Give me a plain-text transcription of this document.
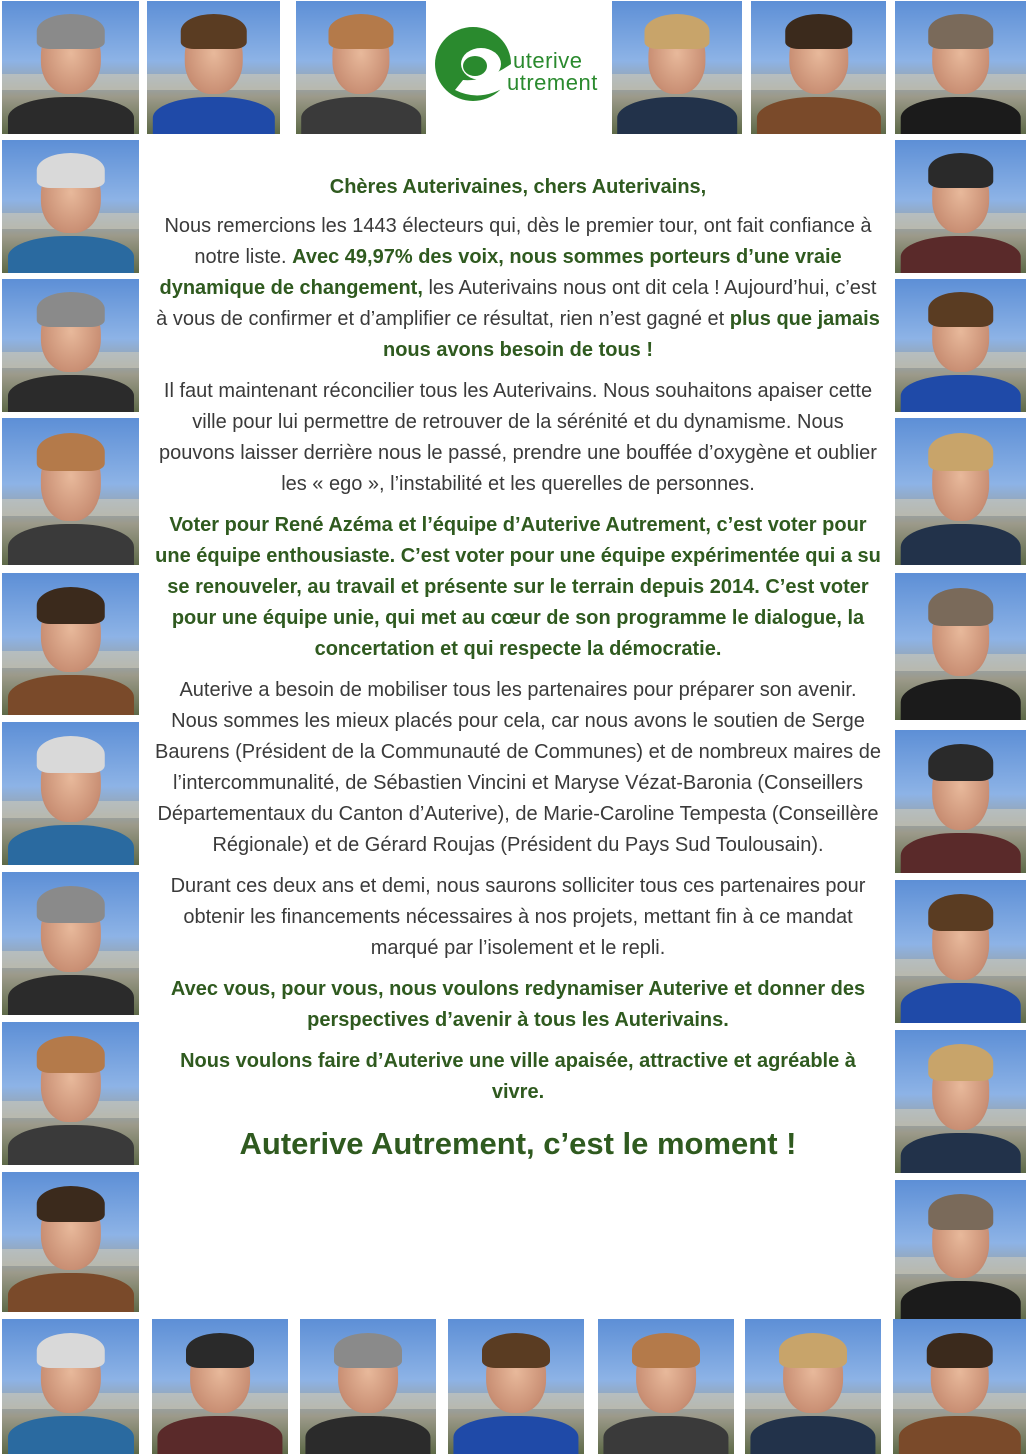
uterive
utrement

Chères Auterivaines, chers Auterivains,

Nous remercions les 1443 électeurs qui, dès le premier tour, ont fait confiance à notre liste. Avec 49,97% des voix, nous sommes porteurs d’une vraie dynamique de changement, les Auterivains nous ont dit cela ! Aujourd’hui, c’est à vous de confirmer et d’amplifier ce résultat, rien n’est gagné et plus que jamais nous avons besoin de tous !

Il faut maintenant réconcilier tous les Auterivains. Nous souhaitons apaiser cette ville pour lui permettre de retrouver de la sérénité et du dynamisme. Nous pouvons laisser derrière nous le passé, prendre une bouffée d’oxygène et oublier les « ego », l’instabilité et les querelles de personnes.

Voter pour René Azéma et l’équipe d’Auterive Autrement, c’est voter pour une équipe enthousiaste. C’est voter pour une équipe expérimentée qui a su se renouveler, au travail et présente sur le terrain depuis 2014. C’est voter pour une équipe unie, qui met au cœur de son programme le dialogue, la concertation et qui respecte la démocratie.

Auterive a besoin de mobiliser tous les partenaires pour préparer son avenir. Nous sommes les mieux placés pour cela, car nous avons le soutien de Serge Baurens (Président de la Communauté de Communes) et de nombreux maires de l’intercommunalité, de Sébastien Vincini et Maryse Vézat-Baronia (Conseillers Départementaux du Canton d’Auterive), de Marie-Caroline Tempesta (Conseillère Régionale) et de Gérard Roujas (Président du Pays Sud Toulousain).

Durant ces deux ans et demi, nous saurons solliciter tous ces partenaires pour obtenir les financements nécessaires à nos projets, mettant fin à ce mandat marqué par l’isolement et le repli.

Avec vous, pour vous, nous voulons redynamiser Auterive et donner des perspectives d’avenir à tous les Auterivains.

Nous voulons faire d’Auterive une ville apaisée, attractive et agréable à vivre.

Auterive Autrement, c’est le moment !
